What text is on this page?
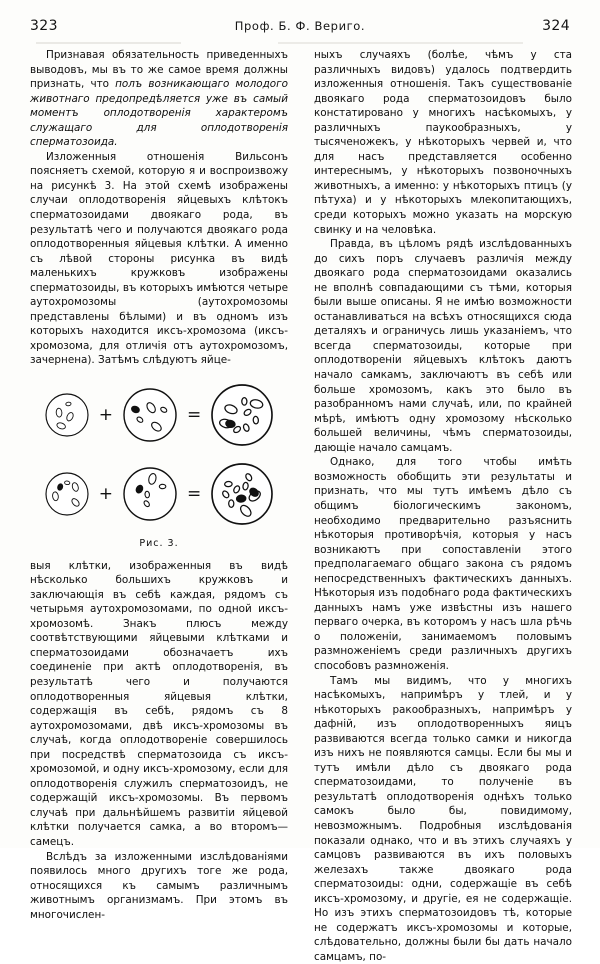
323	Проф. Б. Ф. Вериго.	324

Признавая обязательность приведенныхъ выводовъ, мы въ то же самое время должны признать, что полъ возникающаго молодого животнаго предопредѣляется уже въ самый моментъ оплодотворенія характеромъ служащаго для оплодотворенія сперматозоида.

Изложенныя отношенія Вильсонъ поясняетъ схемой, которую я и воспроизвожу на рисункѣ 3. На этой схемѣ изображены случаи оплодотворенія яйцевыхъ клѣтокъ сперматозоидами двоякаго рода, въ результатѣ чего и получаются двоякаго рода оплодотворенныя яйцевыя клѣтки. А именно съ лѣвой стороны рисунка въ видѣ маленькихъ кружковъ изображены сперматозоиды, въ которыхъ имѣются четыре аутохромозомы (аутохромозомы представлены бѣлыми) и въ одномъ изъ которыхъ находится иксъ-хромозома (иксъ-хромозома, для отличія отъ аутохромозомъ, зачернена). Затѣмъ слѣдуютъ яйце-

+	=
+	=
Рис. 3.

выя клѣтки, изображенныя въ видѣ нѣсколько большихъ кружковъ и заключающія въ себѣ каждая, рядомъ съ четырьмя аутохромозомами, по одной иксъ-хромозомѣ. Знакъ плюсъ между соотвѣтствующими яйцевыми клѣтками и сперматозоидами обозначаетъ ихъ соединеніе при актѣ оплодотворенія, въ результатѣ чего и получаются оплодотворенныя яйцевыя клѣтки, содержащія въ себѣ, рядомъ съ 8 аутохромозомами, двѣ иксъ-хромозомы въ случаѣ, когда оплодотвореніе совершилось при посредствѣ сперматозоида съ иксъ-хромозомой, и одну иксъ-хромозому, если для оплодотворенія служилъ сперматозоидъ, не содержащій иксъ-хромозомы. Въ первомъ случаѣ при дальнѣйшемъ развитіи яйцевой клѣтки получается самка, а во второмъ—самецъ.

Вслѣдъ за изложенными изслѣдованіями появилось много другихъ тоге же рода, относящихся къ самымъ различнымъ животнымъ организмамъ. При этомъ въ многочислен-

ныхъ случаяхъ (болѣе, чѣмъ у ста различныхъ видовъ) удалось подтвердить изложенныя отношенія. Такъ существованіе двоякаго рода сперматозоидовъ было констатировано у многихъ насѣкомыхъ, у различныхъ паукообразныхъ, у тысяченожекъ, у нѣкоторыхъ червей и, что для насъ представляется особенно интереснымъ, у нѣкоторыхъ позвоночныхъ животныхъ, а именно: у нѣкоторыхъ птицъ (у пѣтуха) и у нѣкоторыхъ млекопитающихъ, среди которыхъ можно указать на морскую свинку и на человѣка.

Правда, въ цѣломъ рядѣ изслѣдованныхъ до сихъ поръ случаевъ различія между двоякаго рода сперматозоидами оказались не вполнѣ совпадающими съ тѣми, которыя были выше описаны. Я не имѣю возможности останавливаться на всѣхъ относящихся сюда деталяхъ и ограничусь лишь указаніемъ, что всегда сперматозоиды, которые при оплодотвореніи яйцевыхъ клѣтокъ даютъ начало самкамъ, заключаютъ въ себѣ или больше хромозомъ, какъ это было въ разобранномъ нами случаѣ, или, по крайней мѣрѣ, имѣютъ одну хромозому нѣсколько большей величины, чѣмъ сперматозоиды, дающіе начало самцамъ.

Однако, для того чтобы имѣть возможность обобщить эти результаты и признать, что мы тутъ имѣемъ дѣло съ общимъ біологическимъ закономъ, необходимо предварительно разъяснить нѣкоторыя противорѣчія, которыя у насъ возникаютъ при сопоставленіи этого предполагаемаго общаго закона съ рядомъ непосредственныхъ фактическихъ данныхъ. Нѣкоторыя изъ подобнаго рода фактическихъ данныхъ намъ уже извѣстны изъ нашего перваго очерка, въ которомъ у насъ шла рѣчь о положеніи, занимаемомъ половымъ размноженіемъ среди различныхъ другихъ способовъ размноженія.

Тамъ мы видимъ, что у многихъ насѣкомыхъ, напримѣръ у тлей, и у нѣкоторыхъ ракообразныхъ, напримѣръ у дафній, изъ оплодотворенныхъ яицъ развиваются всегда только самки и никогда изъ нихъ не появляются самцы. Если бы мы и тутъ имѣли дѣло съ двоякаго рода сперматозоидами, то полученіе въ результатѣ оплодотворенія однѣхъ только самокъ было бы, повидимому, невозможнымъ. Подробныя изслѣдованія показали однако, что и въ этихъ случаяхъ у самцовъ развиваются въ ихъ половыхъ железахъ также двоякаго рода сперматозоиды: одни, содержащіе въ себѣ иксъ-хромозому, и другіе, ея не содержащіе. Но изъ этихъ сперматозоидовъ тѣ, которые не содержатъ иксъ-хромозомы и которые, слѣдовательно, должны были бы дать начало самцамъ, по-
